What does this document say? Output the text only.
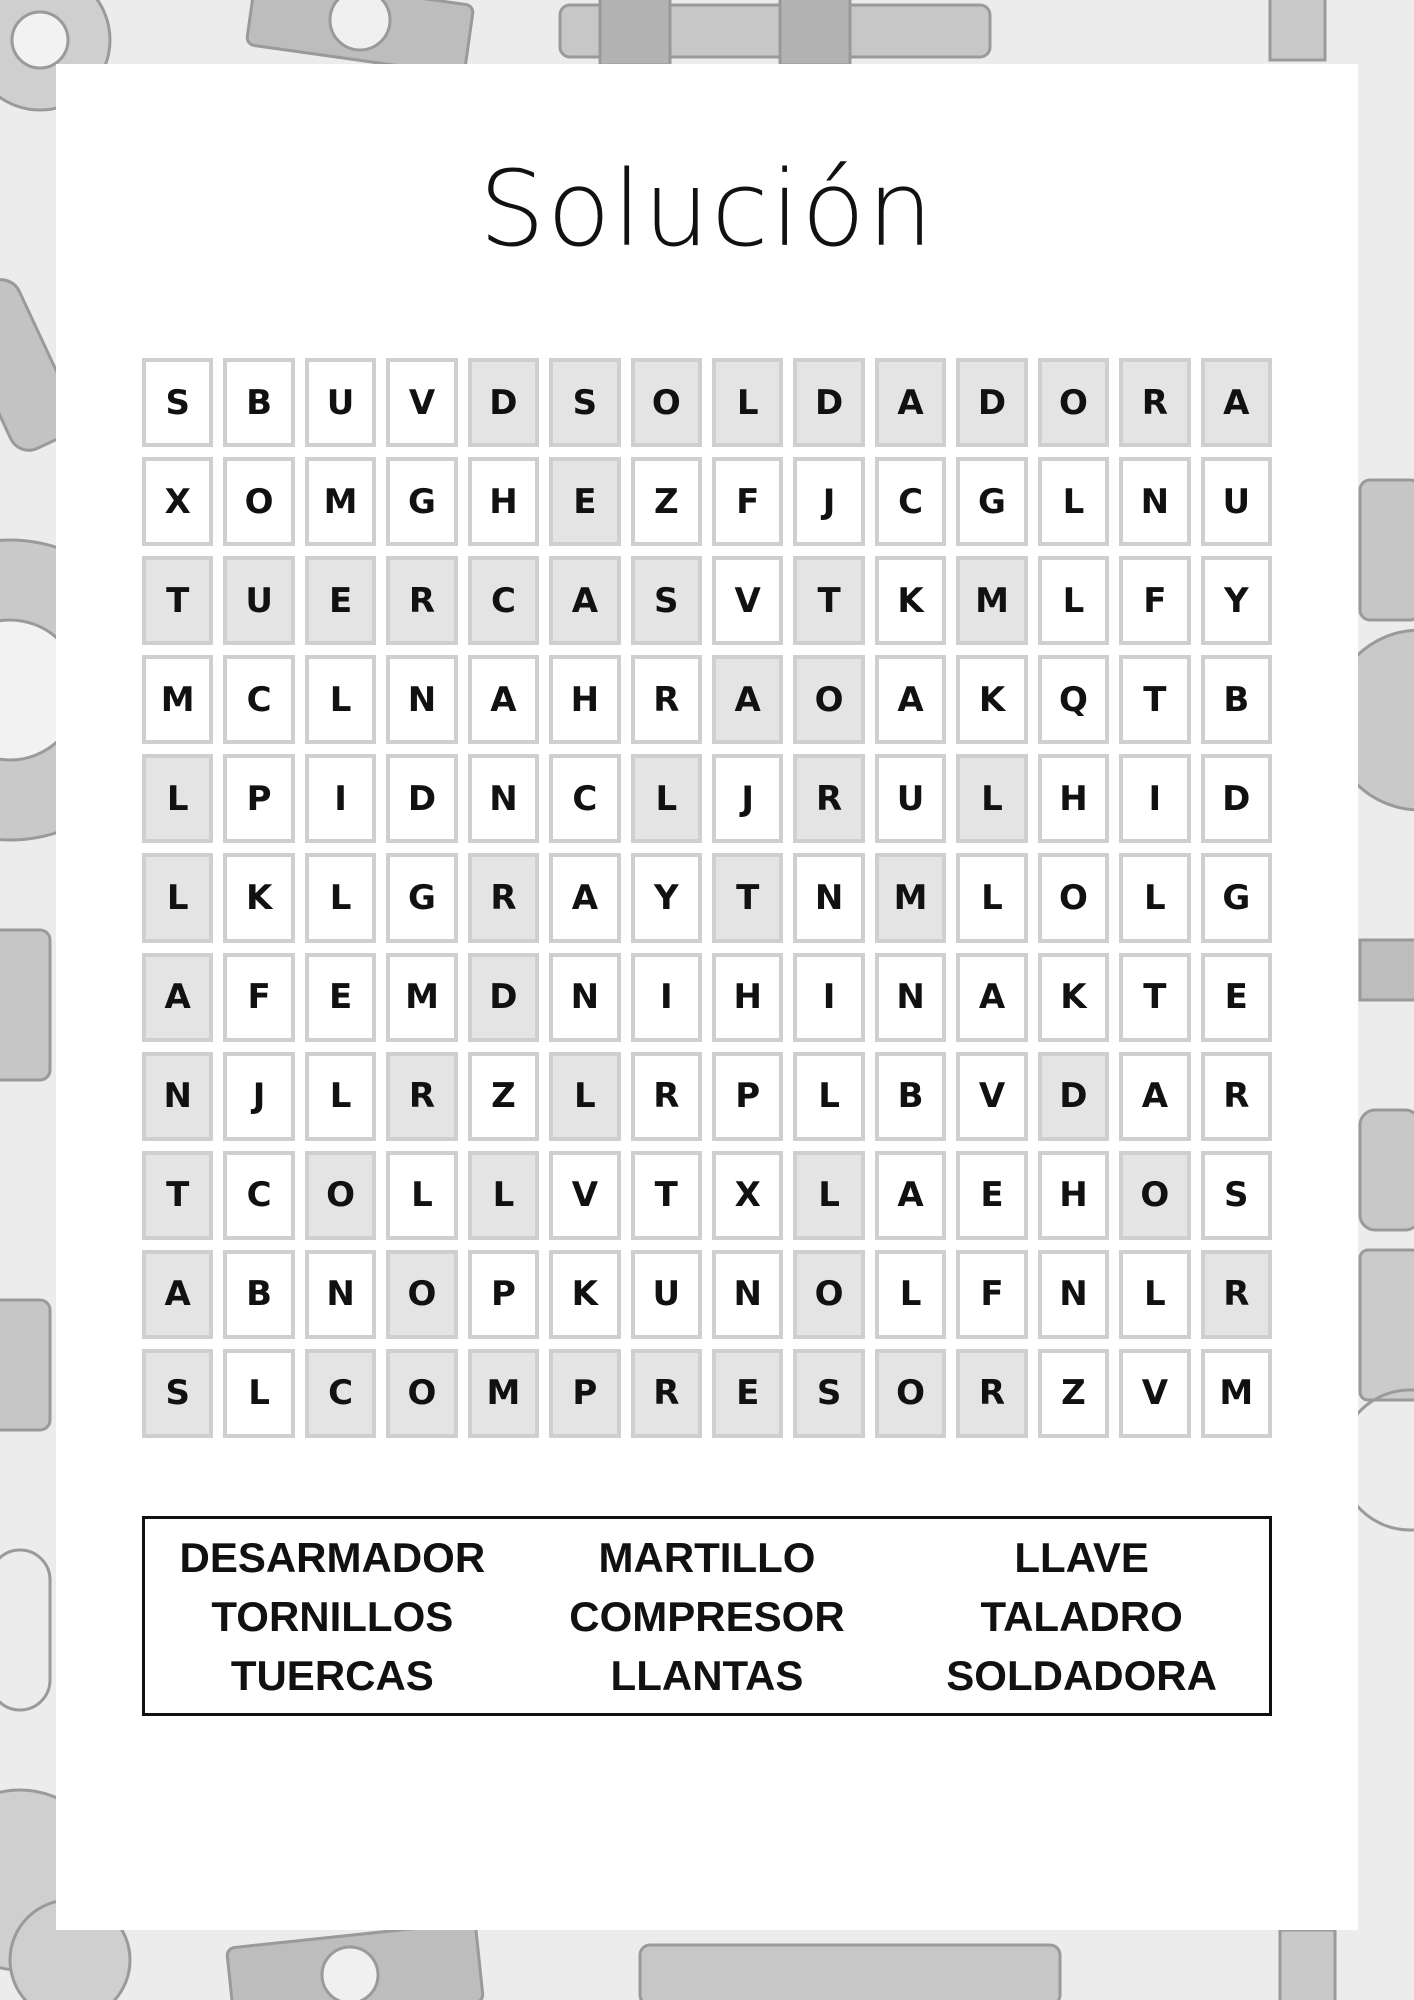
Solución
S	B	U	V	D	S	O	L	D	A	D	O	R	A
X	O	M	G	H	E	Z	F	J	C	G	L	N	U
T	U	E	R	C	A	S	V	T	K	M	L	F	Y
M	C	L	N	A	H	R	A	O	A	K	Q	T	B
L	P	I	D	N	C	L	J	R	U	L	H	I	D
L	K	L	G	R	A	Y	T	N	M	L	O	L	G
A	F	E	M	D	N	I	H	I	N	A	K	T	E
N	J	L	R	Z	L	R	P	L	B	V	D	A	R
T	C	O	L	L	V	T	X	L	A	E	H	O	S
A	B	N	O	P	K	U	N	O	L	F	N	L	R
S	L	C	O	M	P	R	E	S	O	R	Z	V	M
DESARMADOR
TORNILLOS
TUERCAS
MARTILLO
COMPRESOR
LLANTAS
LLAVE
TALADRO
SOLDADORA
